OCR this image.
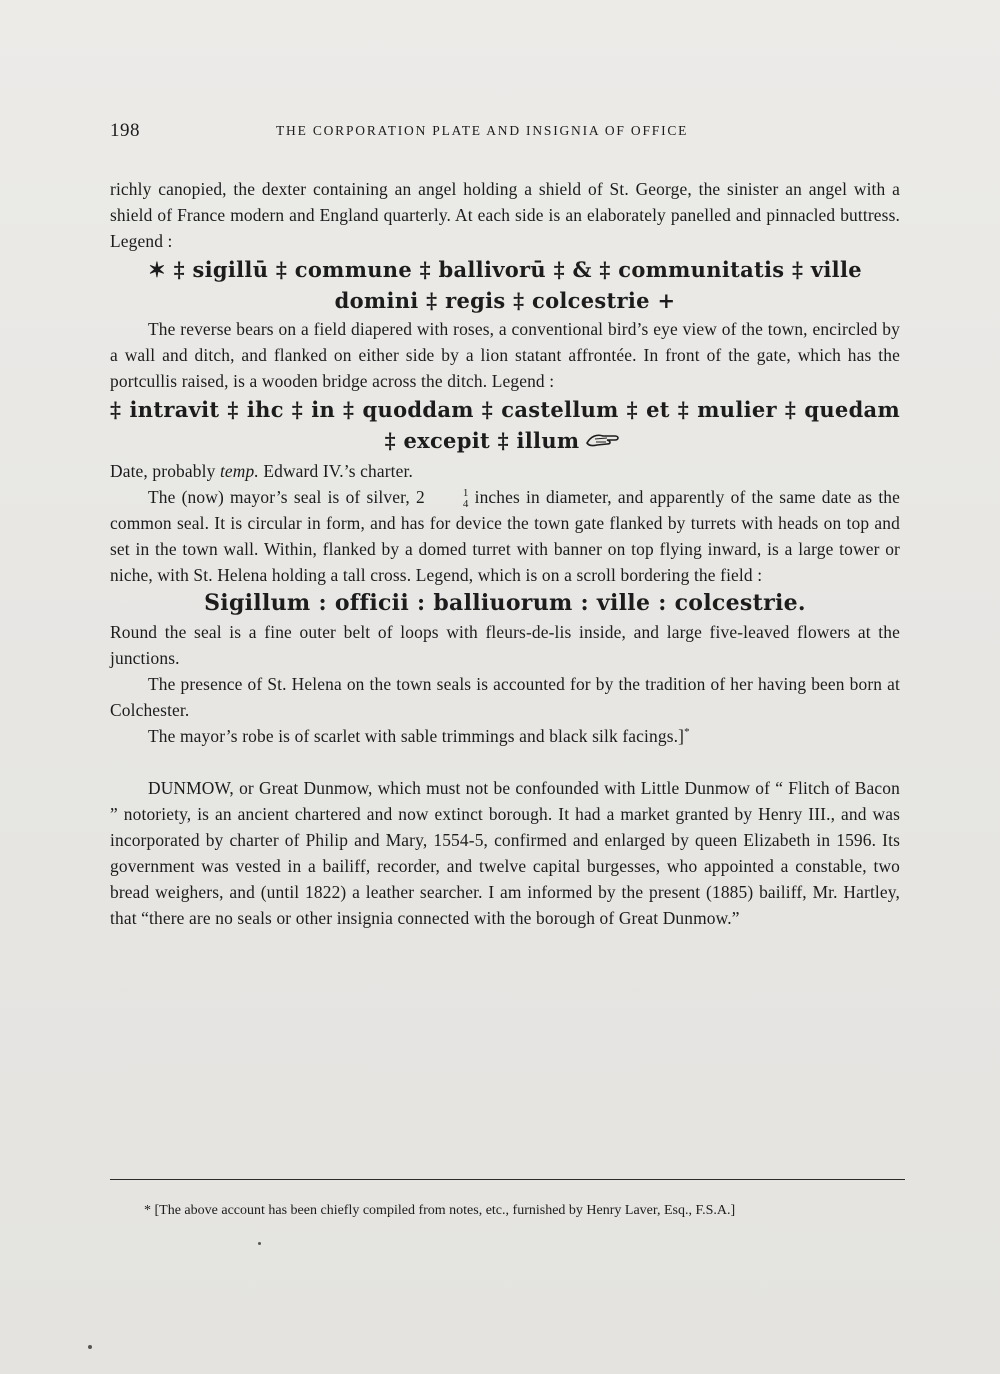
198	THE CORPORATION PLATE AND INSIGNIA OF OFFICE

richly canopied, the dexter containing an angel holding a shield of St. George, the sinister an angel with a shield of France modern and England quarterly. At each side is an elaborately panelled and pinnacled buttress. Legend :

✶ ‡ sigillū ‡ commune ‡ ballivorū ‡ & ‡ communitatis ‡ ville domini ‡ regis ‡ colcestrie +

The reverse bears on a field diapered with roses, a conventional bird’s eye view of the town, encircled by a wall and ditch, and flanked on either side by a lion statant affrontée. In front of the gate, which has the portcullis raised, is a wooden bridge across the ditch. Legend :

‡ intravit ‡ ihc ‡ in ‡ quoddam ‡ castellum ‡ et ‡ mulier ‡ quedam ‡ excepit ‡ illum

Date, probably temp. Edward IV.’s charter.

The (now) mayor’s seal is of silver, 2	1
4 inches in diameter, and apparently of the same date as the common seal. It is circular in form, and has for device the town gate flanked by turrets with heads on top and set in the town wall. Within, flanked by a domed turret with banner on top flying inward, is a large tower or niche, with St. Helena holding a tall cross. Legend, which is on a scroll bordering the field :

Sigillum : officii : balliuorum : ville : colcestrie.

Round the seal is a fine outer belt of loops with fleurs-de-lis inside, and large five-leaved flowers at the junctions.

The presence of St. Helena on the town seals is accounted for by the tradition of her having been born at Colchester.

The mayor’s robe is of scarlet with sable trimmings and black silk facings.]*

DUNMOW, or Great Dunmow, which must not be confounded with Little Dunmow of “ Flitch of Bacon ” notoriety, is an ancient chartered and now extinct borough. It had a market granted by Henry III., and was incorporated by charter of Philip and Mary, 1554-5, confirmed and enlarged by queen Elizabeth in 1596. Its government was vested in a bailiff, recorder, and twelve capital burgesses, who appointed a constable, two bread weighers, and (until 1822) a leather searcher. I am informed by the present (1885) bailiff, Mr. Hartley, that “there are no seals or other insignia connected with the borough of Great Dunmow.”

* [The above account has been chiefly compiled from notes, etc., furnished by Henry Laver, Esq., F.S.A.]
